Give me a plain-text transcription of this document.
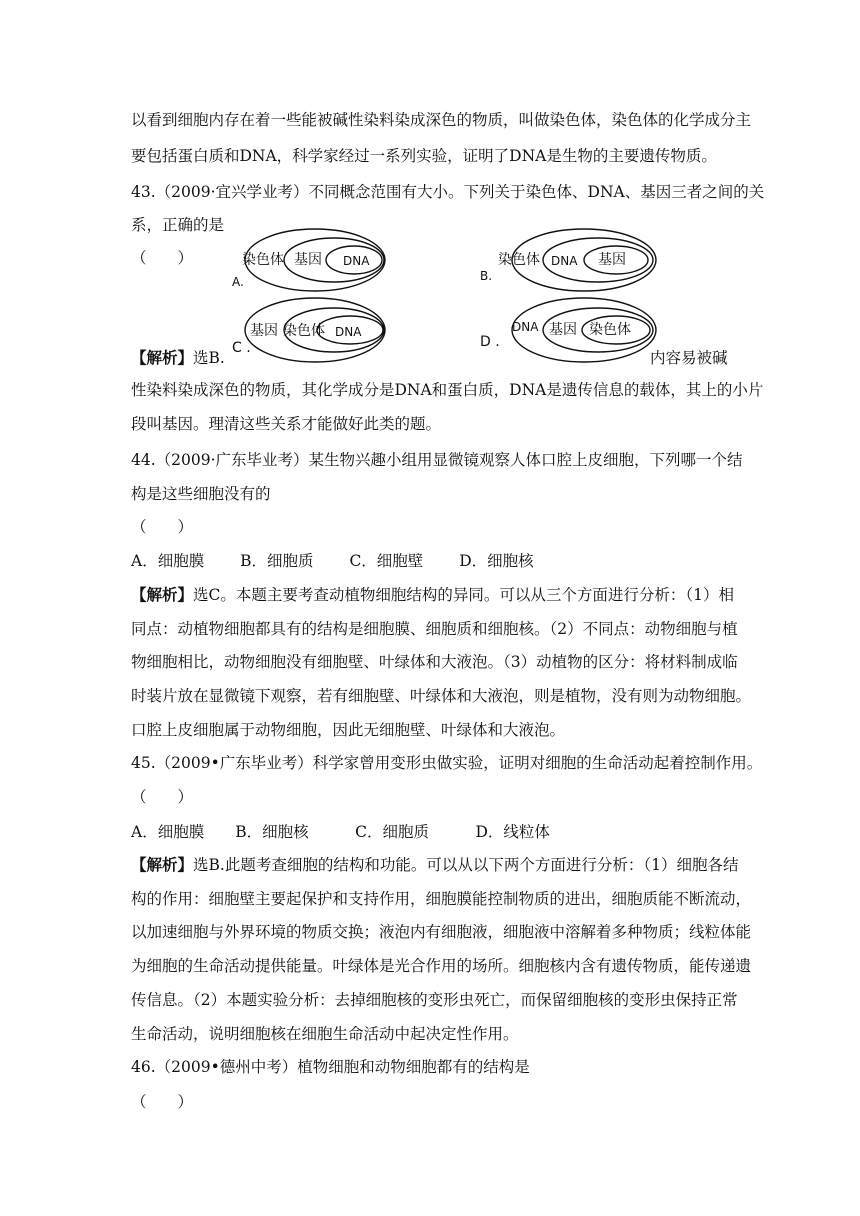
以看到细胞内存在着一些能被碱性染料染成深色的物质，叫做染色体，染色体的化学成分主
要包括蛋白质和DNA，科学家经过一系列实验，证明了DNA是生物的主要遗传物质。
43.（2009·宜兴学业考）不同概念范围有大小。下列关于染色体、DNA、基因三者之间的关
系，正确的是
（　　）	染色体 基因 DNA
A.
染色体 DNA 基因
B.
基因 染色体 DNA
C .
DNA 基因 染色体
D .
【解析】选B.	内容易被碱
性染料染成深色的物质，其化学成分是DNA和蛋白质，DNA是遗传信息的载体，其上的小片
段叫基因。理清这些关系才能做好此类的题。
44.（2009·广东毕业考）某生物兴趣小组用显微镜观察人体口腔上皮细胞，下列哪一个结
构是这些细胞没有的
（　　）
A．细胞膜　　 B．细胞质　　 C．细胞壁　　 D．细胞核
【解析】选C。本题主要考查动植物细胞结构的异同。可以从三个方面进行分析：（1）相
同点：动植物细胞都具有的结构是细胞膜、细胞质和细胞核。（2）不同点：动物细胞与植
物细胞相比，动物细胞没有细胞壁、叶绿体和大液泡。（3）动植物的区分：将材料制成临
时装片放在显微镜下观察，若有细胞壁、叶绿体和大液泡，则是植物，没有则为动物细胞。
口腔上皮细胞属于动物细胞，因此无细胞壁、叶绿体和大液泡。
45.（2009•广东毕业考）科学家曾用变形虫做实验，证明对细胞的生命活动起着控制作用。
（　　）
A．细胞膜　　B．细胞核　　　C．细胞质　　　D．线粒体
【解析】选B.此题考查细胞的结构和功能。可以从以下两个方面进行分析：（1）细胞各结
构的作用：细胞壁主要起保护和支持作用，细胞膜能控制物质的进出，细胞质能不断流动，
以加速细胞与外界环境的物质交换；液泡内有细胞液，细胞液中溶解着多种物质；线粒体能
为细胞的生命活动提供能量。叶绿体是光合作用的场所。细胞核内含有遗传物质，能传递遗
传信息。（2）本题实验分析：去掉细胞核的变形虫死亡，而保留细胞核的变形虫保持正常
生命活动，说明细胞核在细胞生命活动中起决定性作用。
46.（2009•德州中考）植物细胞和动物细胞都有的结构是
（　　）
